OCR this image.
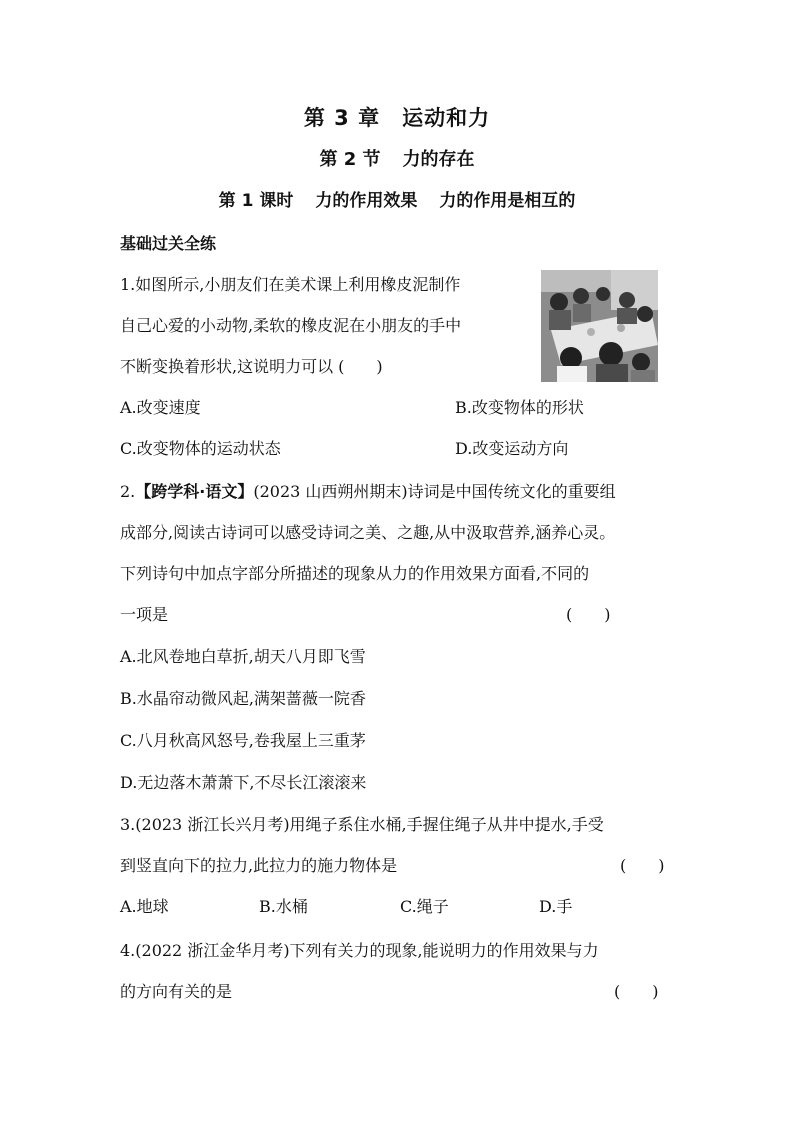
第 3 章 运动和力
第 2 节 力的存在
第 1 课时 力的作用效果 力的作用是相互的
基础过关全练
1.如图所示,小朋友们在美术课上利用橡皮泥制作
自己心爱的小动物,柔软的橡皮泥在小朋友的手中
不断变换着形状,这说明力可以 (　　)
A.改变速度	B.改变物体的形状
C.改变物体的运动状态	D.改变运动方向
2.【跨学科·语文】(2023 山西朔州期末)诗词是中国传统文化的重要组
成部分,阅读古诗词可以感受诗词之美、之趣,从中汲取营养,涵养心灵。
下列诗句中加点字部分所描述的现象从力的作用效果方面看,不同的
一项是	(　　)
A.北风卷地白草折,胡天八月即飞雪
B.水晶帘动微风起,满架蔷薇一院香
C.八月秋高风怒号,卷我屋上三重茅
D.无边落木萧萧下,不尽长江滚滚来
3.(2023 浙江长兴月考)用绳子系住水桶,手握住绳子从井中提水,手受
到竖直向下的拉力,此拉力的施力物体是	(　　)
A.地球	B.水桶	C.绳子	D.手
4.(2022 浙江金华月考)下列有关力的现象,能说明力的作用效果与力
的方向有关的是	(　　)
